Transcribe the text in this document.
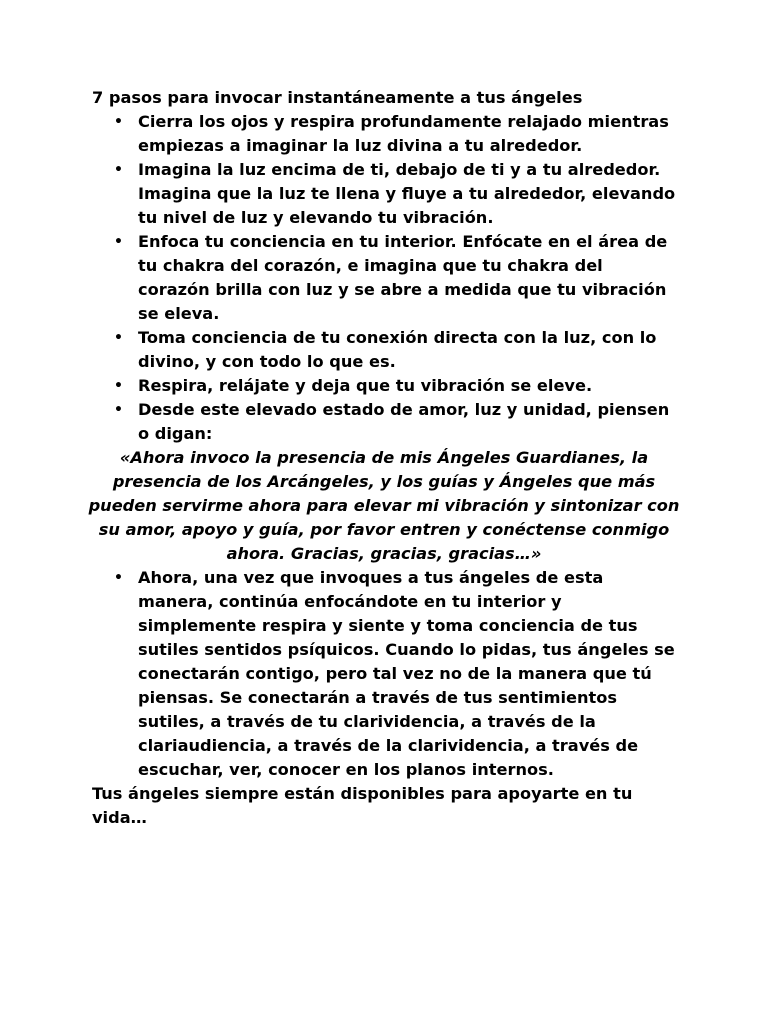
7 pasos para invocar instantáneamente a tus ángeles

• Cierra los ojos y respira profundamente relajado mientras empiezas a imaginar la luz divina a tu alrededor.
• Imagina la luz encima de ti, debajo de ti y a tu alrededor. Imagina que la luz te llena y fluye a tu alrededor, elevando tu nivel de luz y elevando tu vibración.
• Enfoca tu conciencia en tu interior. Enfócate en el área de tu chakra del corazón, e imagina que tu chakra del corazón brilla con luz y se abre a medida que tu vibración se eleva.
• Toma conciencia de tu conexión directa con la luz, con lo divino, y con todo lo que es.
• Respira, relájate y deja que tu vibración se eleve.
• Desde este elevado estado de amor, luz y unidad, piensen o digan:

«Ahora invoco la presencia de mis Ángeles Guardianes, la presencia de los Arcángeles, y los guías y Ángeles que más pueden servirme ahora para elevar mi vibración y sintonizar con su amor, apoyo y guía, por favor entren y conéctense conmigo ahora. Gracias, gracias, gracias…»

• Ahora, una vez que invoques a tus ángeles de esta manera, continúa enfocándote en tu interior y simplemente respira y siente y toma conciencia de tus sutiles sentidos psíquicos. Cuando lo pidas, tus ángeles se conectarán contigo, pero tal vez no de la manera que tú piensas. Se conectarán a través de tus sentimientos sutiles, a través de tu clarividencia, a través de la clariaudiencia, a través de la clarividencia, a través de escuchar, ver, conocer en los planos internos.

Tus ángeles siempre están disponibles para apoyarte en tu vida…
